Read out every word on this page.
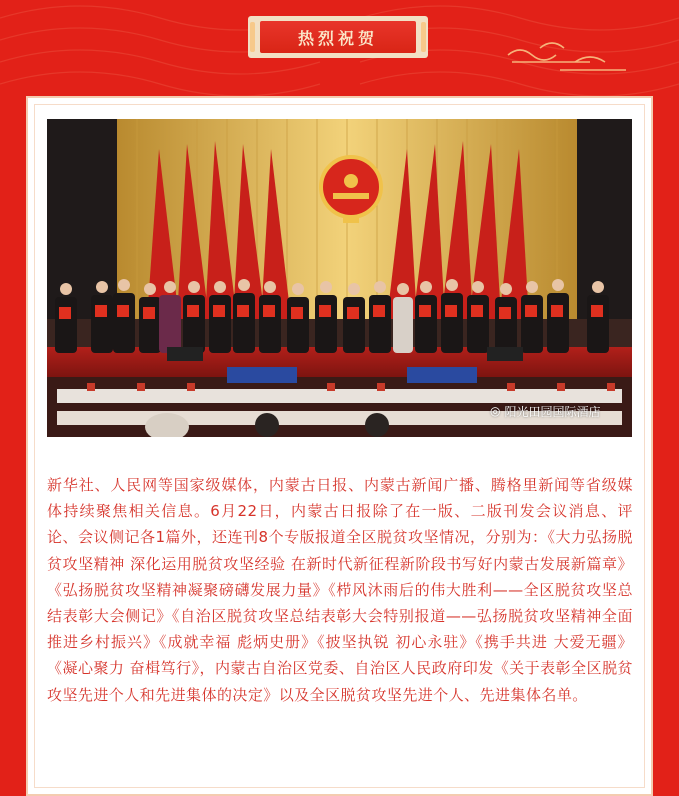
热烈祝贺
◎ 阳光田园国际酒店

新华社、人民网等国家级媒体，内蒙古日报、内蒙古新闻广播、腾格里新闻等省级媒体持续聚焦相关信息。6月22日，内蒙古日报除了在一版、二版刊发会议消息、评论、会议侧记各1篇外，还连刊8个专版报道全区脱贫攻坚情况，分别为：《大力弘扬脱贫攻坚精神 深化运用脱贫攻坚经验 在新时代新征程新阶段书写好内蒙古发展新篇章》《弘扬脱贫攻坚精神凝聚磅礴发展力量》《栉风沐雨后的伟大胜利——全区脱贫攻坚总结表彰大会侧记》《自治区脱贫攻坚总结表彰大会特别报道——弘扬脱贫攻坚精神全面推进乡村振兴》《成就幸福 彪炳史册》《披坚执锐 初心永驻》《携手共进 大爱无疆》《凝心聚力 奋楫笃行》，内蒙古自治区党委、自治区人民政府印发《关于表彰全区脱贫攻坚先进个人和先进集体的决定》以及全区脱贫攻坚先进个人、先进集体名单。
